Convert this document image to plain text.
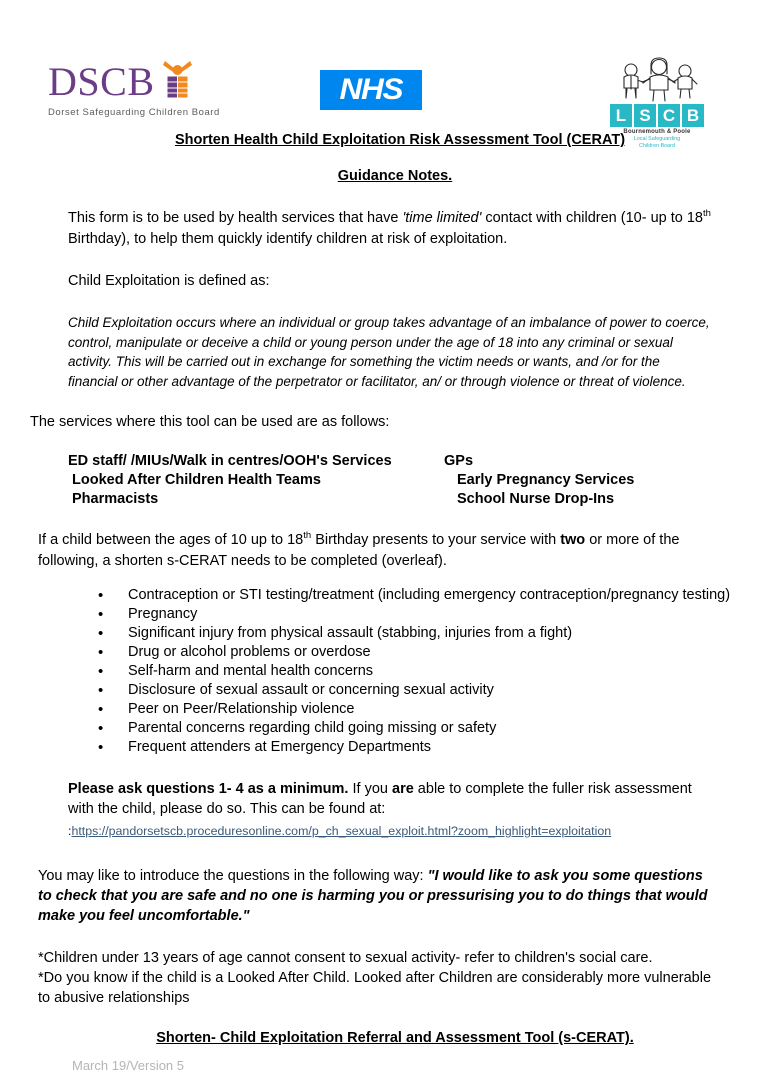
DSCB
Dorset Safeguarding Children Board
NHS
L S C B
Bournemouth & Poole
Local Safeguarding
Children Board
Shorten Health Child Exploitation Risk Assessment Tool (CERAT)
Guidance Notes.

This form is to be used by health services that have 'time limited' contact with children (10- up to 18th Birthday), to help them quickly identify children at risk of exploitation.

Child Exploitation is defined as:

Child Exploitation occurs where an individual or group takes advantage of an imbalance of power to coerce, control, manipulate or deceive a child or young person under the age of 18 into any criminal or sexual activity. This will be carried out in exchange for something the victim needs or wants, and /or for the financial or other advantage of the perpetrator or facilitator, an/ or through violence or threat of violence.

The services where this tool can be used are as follows:

ED staff/ /MIUs/Walk in centres/OOH's Services	GPs
Looked After Children Health Teams	Early Pregnancy Services
Pharmacists	School Nurse Drop-Ins

If a child between the ages of 10 up to 18th Birthday presents to your service with two or more of the following, a shorten s-CERAT needs to be completed (overleaf).

• Contraception or STI testing/treatment (including emergency contraception/pregnancy testing)
• Pregnancy
• Significant injury from physical assault (stabbing, injuries from a fight)
• Drug or alcohol problems or overdose
• Self-harm and mental health concerns
• Disclosure of sexual assault or concerning sexual activity
• Peer on Peer/Relationship violence
• Parental concerns regarding child going missing or safety
• Frequent attenders at Emergency Departments

Please ask questions 1- 4 as a minimum. If you are able to complete the fuller risk assessment with the child, please do so. This can be found at:

:https://pandorsetscb.proceduresonline.com/p_ch_sexual_exploit.html?zoom_highlight=exploitation

You may like to introduce the questions in the following way: "I would like to ask you some questions to check that you are safe and no one is harming you or pressurising you to do things that would make you feel uncomfortable."

*Children under 13 years of age cannot consent to sexual activity- refer to children's social care.

*Do you know if the child is a Looked After Child. Looked after Children are considerably more vulnerable to abusive relationships

Shorten- Child Exploitation Referral and Assessment Tool (s-CERAT).
March 19/Version 5
